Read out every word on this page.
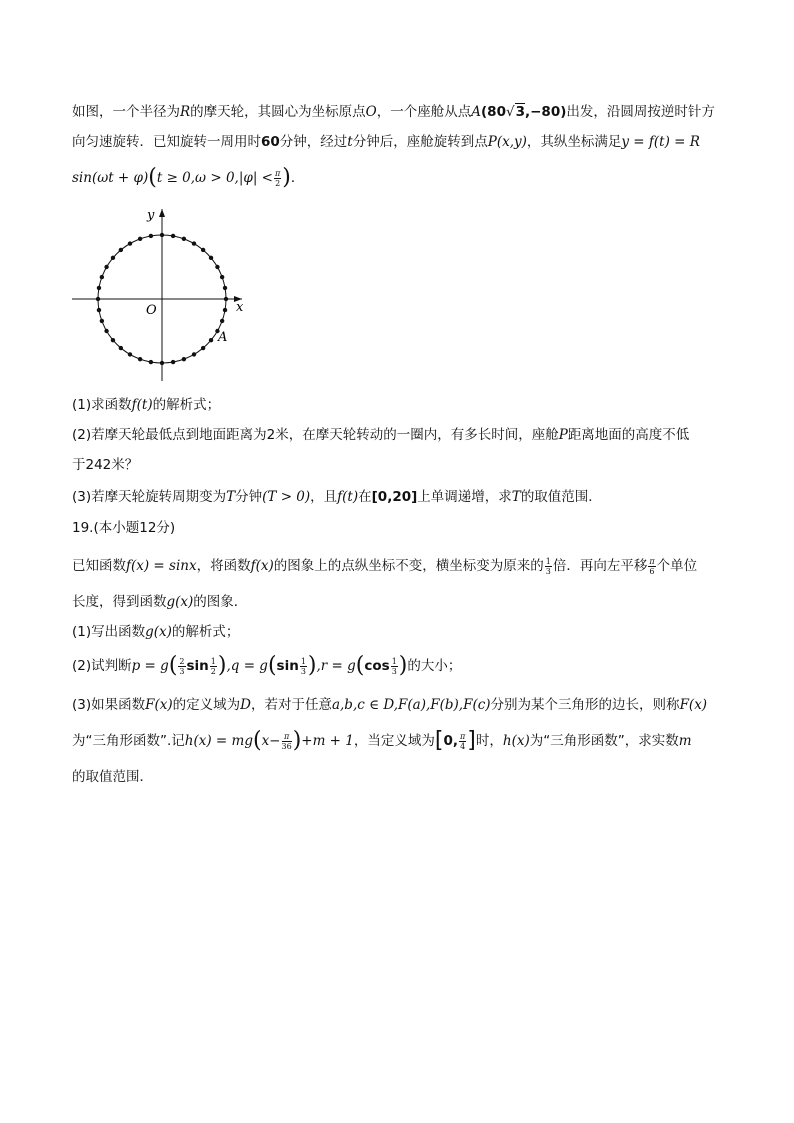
如图，一个半径为R的摩天轮，其圆心为坐标原点O，一个座舱从点A(80√3,−80)出发，沿圆周按逆时针方
向匀速旋转．已知旋转一周用时60分钟，经过t分钟后，座舱旋转到点P(x,y)，其纵坐标满足y = f(t) = R
$\sin(\omega t + \varphi)(t \ge 0,\omega > 0,|\varphi| < \frac{\pi}{2}$ )．
y
x
O
A
(1)求函数f(t)的解析式；
(2)若摩天轮最低点到地面距离为2米，在摩天轮转动的一圈内，有多长时间，座舱P距离地面的高度不低
于242米？
(3)若摩天轮旋转周期变为T分钟(T > 0)，且f(t)在[0,20]上单调递增，求T的取值范围．
19.(本小题12分)
已知函数f(x) = sinx，将函数f(x)的图象上的点纵坐标不变，横坐标变为原来的 $\frac{1}{3}$ 倍．再向左平移 $\frac{\pi}{6}$ 个单位
长度，得到函数g(x)的图象．
(1)写出函数g(x)的解析式；
(2)试判断$p = g( \frac{2}{3}$ $\sin \frac{1}{2} ),q = g(\sin \frac{1}{3} ),r = g(\cos \frac{1}{3}$ )的大小；
(3)如果函数F(x)的定义域为D，若对于任意a,b,c ∈ D,F(a),F(b),F(c)分别为某个三角形的边长，则称F(x)
为“三角形函数”.记$h(x) = mg(x- \frac{\pi}{36} )+m + 1$，当定义域为[0, $\frac{\pi}{4}$ ]时，h(x)为“三角形函数”，求实数m
的取值范围．
